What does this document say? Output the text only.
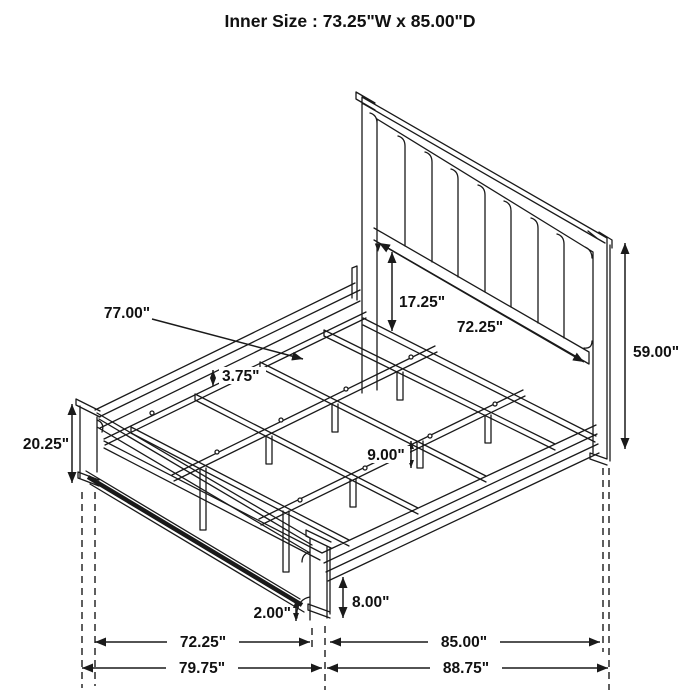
Inner Size : 73.25"W x 85.00"D
77.00"
3.75"
17.25"
72.25"
59.00"
20.25"
9.00"
8.00"
2.00"
72.25"	85.00"
79.75"	88.75"
